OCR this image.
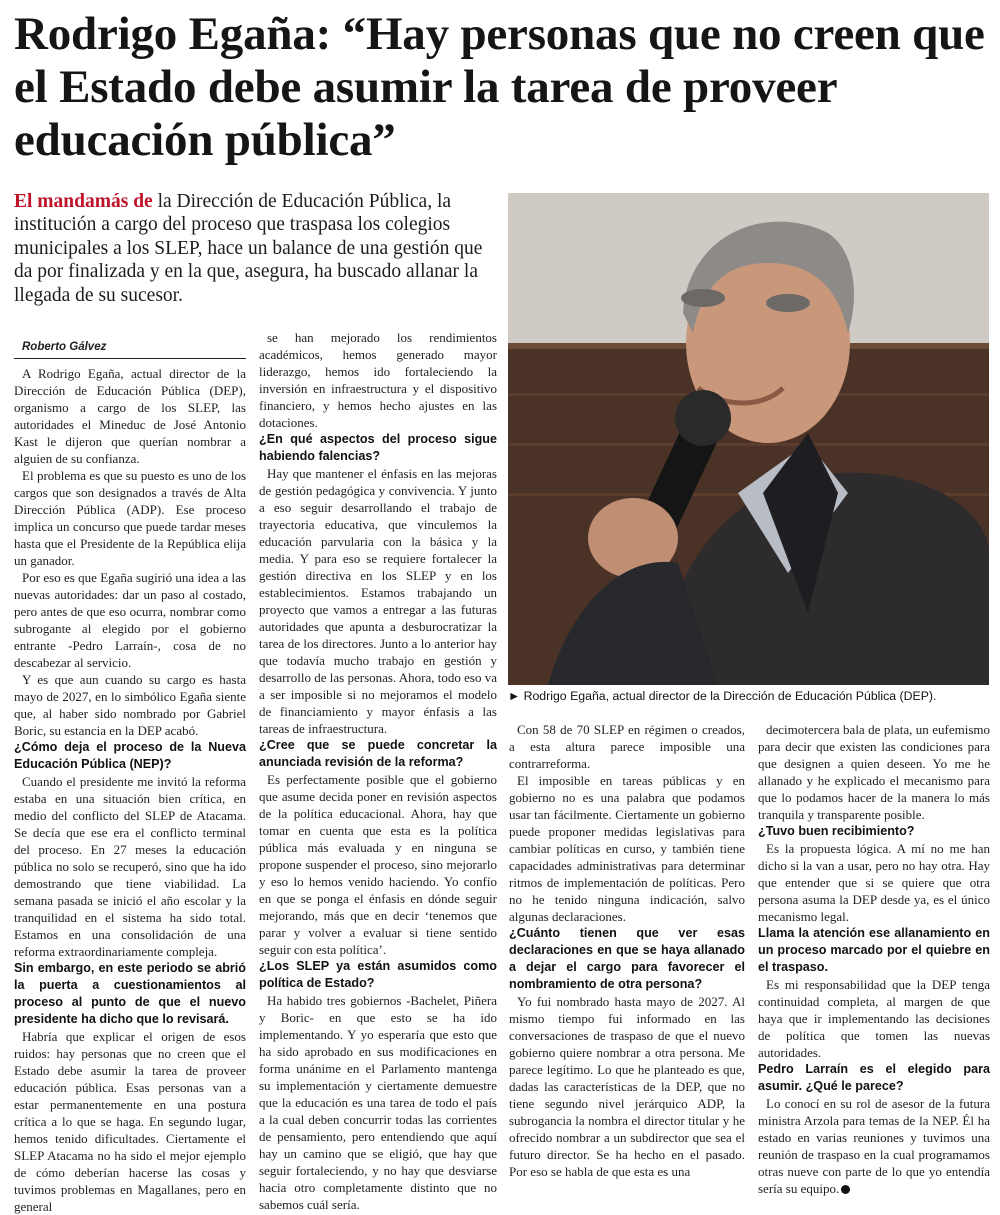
Rodrigo Egaña: “Hay personas que no creen que el Estado debe asumir la tarea de proveer educación pública”

El mandamás de la Dirección de Educación Pública, la institución a cargo del proceso que traspasa los colegios municipales a los SLEP, hace un balance de una gestión que da por finalizada y en la que, asegura, ha buscado allanar la llegada de su sucesor.

► Rodrigo Egaña, actual director de la Dirección de Educación Pública (DEP).

Roberto Gálvez

A Rodrigo Egaña, actual director de la Dirección de Educación Pública (DEP), organismo a cargo de los SLEP, las autoridades el Mineduc de José Antonio Kast le dijeron que querían nombrar a alguien de su confianza.

El problema es que su puesto es uno de los cargos que son designados a través de Alta Dirección Pública (ADP). Ese proceso implica un concurso que puede tardar meses hasta que el Presidente de la República elija un ganador.

Por eso es que Egaña sugirió una idea a las nuevas autoridades: dar un paso al costado, pero antes de que eso ocurra, nombrar como subrogante al elegido por el gobierno entrante -Pedro Larraín-, cosa de no descabezar al servicio.

Y es que aun cuando su cargo es hasta mayo de 2027, en lo simbólico Egaña siente que, al haber sido nombrado por Gabriel Boric, su estancia en la DEP acabó.

¿Cómo deja el proceso de la Nueva Educación Pública (NEP)?

Cuando el presidente me invitó la reforma estaba en una situación bien crítica, en medio del conflicto del SLEP de Atacama. Se decía que ese era el conflicto terminal del proceso. En 27 meses la educación pública no solo se recuperó, sino que ha ido demostrando que tiene viabilidad. La semana pasada se inició el año escolar y la tranquilidad en el sistema ha sido total. Estamos en una consolidación de una reforma extraordinariamente compleja.

Sin embargo, en este periodo se abrió la puerta a cuestionamientos al proceso al punto de que el nuevo presidente ha dicho que lo revisará.

Habría que explicar el origen de esos ruidos: hay personas que no creen que el Estado debe asumir la tarea de proveer educación pública. Esas personas van a estar permanentemente en una postura crítica a lo que se haga. En segundo lugar, hemos tenido dificultades. Ciertamente el SLEP Atacama no ha sido el mejor ejemplo de cómo deberían hacerse las cosas y tuvimos problemas en Magallanes, pero en general

se han mejorado los rendimientos académicos, hemos generado mayor liderazgo, hemos ido fortaleciendo la inversión en infraestructura y el dispositivo financiero, y hemos hecho ajustes en las dotaciones.

¿En qué aspectos del proceso sigue habiendo falencias?

Hay que mantener el énfasis en las mejoras de gestión pedagógica y convivencia. Y junto a eso seguir desarrollando el trabajo de trayectoria educativa, que vinculemos la educación parvularia con la básica y la media. Y para eso se requiere fortalecer la gestión directiva en los SLEP y en los establecimientos. Estamos trabajando un proyecto que vamos a entregar a las futuras autoridades que apunta a desburocratizar la tarea de los directores. Junto a lo anterior hay que todavía mucho trabajo en gestión y desarrollo de las personas. Ahora, todo eso va a ser imposible si no mejoramos el modelo de financiamiento y mayor énfasis a las tareas de infraestructura.

¿Cree que se puede concretar la anunciada revisión de la reforma?

Es perfectamente posible que el gobierno que asume decida poner en revisión aspectos de la política educacional. Ahora, hay que tomar en cuenta que esta es la política pública más evaluada y en ninguna se propone suspender el proceso, sino mejorarlo y eso lo hemos venido haciendo. Yo confío en que se ponga el énfasis en dónde seguir mejorando, más que en decir ‘tenemos que parar y volver a evaluar si tiene sentido seguir con esta política’.

¿Los SLEP ya están asumidos como política de Estado?

Ha habido tres gobiernos -Bachelet, Piñera y Boric- en que esto se ha ido implementando. Y yo esperaría que esto que ha sido aprobado en sus modificaciones en forma unánime en el Parlamento mantenga su implementación y ciertamente demuestre que la educación es una tarea de todo el país a la cual deben concurrir todas las corrientes de pensamiento, pero entendiendo que aquí hay un camino que se eligió, que hay que seguir fortaleciendo, y no hay que desviarse hacia otro completamente distinto que no sabemos cuál sería.

Con 58 de 70 SLEP en régimen o creados, a esta altura parece imposible una contrarreforma.

El imposible en tareas públicas y en gobierno no es una palabra que podamos usar tan fácilmente. Ciertamente un gobierno puede proponer medidas legislativas para cambiar políticas en curso, y también tiene capacidades administrativas para determinar ritmos de implementación de políticas. Pero no he tenido ninguna indicación, salvo algunas declaraciones.

¿Cuánto tienen que ver esas declaraciones en que se haya allanado a dejar el cargo para favorecer el nombramiento de otra persona?

Yo fui nombrado hasta mayo de 2027. Al mismo tiempo fui informado en las conversaciones de traspaso de que el nuevo gobierno quiere nombrar a otra persona. Me parece legítimo. Lo que he planteado es que, dadas las características de la DEP, que no tiene segundo nivel jerárquico ADP, la subrogancia la nombra el director titular y he ofrecido nombrar a un subdirector que sea el futuro director. Se ha hecho en el pasado. Por eso se habla de que esta es una

decimotercera bala de plata, un eufemismo para decir que existen las condiciones para que designen a quien deseen. Yo me he allanado y he explicado el mecanismo para que lo podamos hacer de la manera lo más tranquila y transparente posible.

¿Tuvo buen recibimiento?

Es la propuesta lógica. A mí no me han dicho si la van a usar, pero no hay otra. Hay que entender que si se quiere que otra persona asuma la DEP desde ya, es el único mecanismo legal.

Llama la atención ese allanamiento en un proceso marcado por el quiebre en el traspaso.

Es mi responsabilidad que la DEP tenga continuidad completa, al margen de que haya que ir implementando las decisiones de política que tomen las nuevas autoridades.

Pedro Larraín es el elegido para asumir. ¿Qué le parece?

Lo conocí en su rol de asesor de la futura ministra Arzola para temas de la NEP. Él ha estado en varias reuniones y tuvimos una reunión de traspaso en la cual programamos otras nueve con parte de lo que yo entendía sería su equipo.
